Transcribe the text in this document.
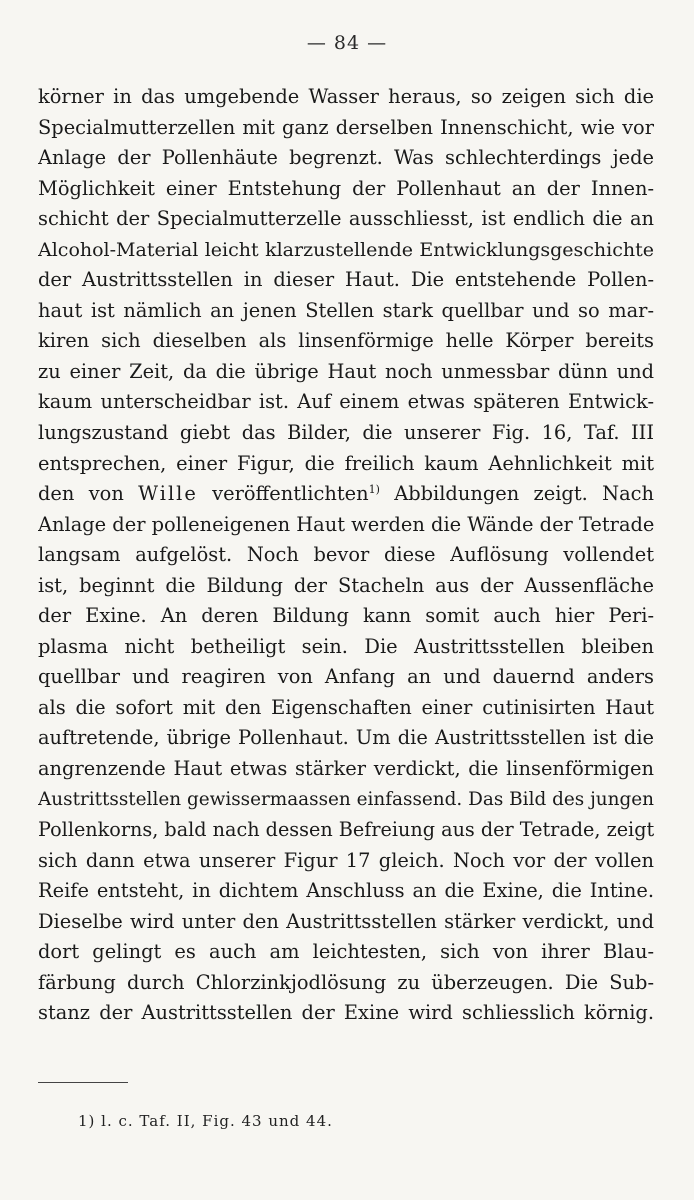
— 84 —
körner in das umgebende Wasser heraus, so zeigen sich die
Specialmutterzellen mit ganz derselben Innenschicht, wie vor
Anlage der Pollenhäute begrenzt. Was schlechterdings jede
Möglichkeit einer Entstehung der Pollenhaut an der Innen-
schicht der Specialmutterzelle ausschliesst, ist endlich die an
Alcohol-Material leicht klarzustellende Entwicklungsgeschichte
der Austrittsstellen in dieser Haut. Die entstehende Pollen-
haut ist nämlich an jenen Stellen stark quellbar und so mar-
kiren sich dieselben als linsenförmige helle Körper bereits
zu einer Zeit, da die übrige Haut noch unmessbar dünn und
kaum unterscheidbar ist. Auf einem etwas späteren Entwick-
lungszustand giebt das Bilder, die unserer Fig. 16, Taf. III
entsprechen, einer Figur, die freilich kaum Aehnlichkeit mit
den von Wille veröffentlichten$^{1)}$ Abbildungen zeigt. Nach
Anlage der polleneigenen Haut werden die Wände der Tetrade
langsam aufgelöst. Noch bevor diese Auflösung vollendet
ist, beginnt die Bildung der Stacheln aus der Aussenfläche
der Exine. An deren Bildung kann somit auch hier Peri-
plasma nicht betheiligt sein. Die Austrittsstellen bleiben
quellbar und reagiren von Anfang an und dauernd anders
als die sofort mit den Eigenschaften einer cutinisirten Haut
auftretende, übrige Pollenhaut. Um die Austrittsstellen ist die
angrenzende Haut etwas stärker verdickt, die linsenförmigen
Austrittsstellen gewissermaassen einfassend. Das Bild des jungen
Pollenkorns, bald nach dessen Befreiung aus der Tetrade, zeigt
sich dann etwa unserer Figur 17 gleich. Noch vor der vollen
Reife entsteht, in dichtem Anschluss an die Exine, die Intine.
Dieselbe wird unter den Austrittsstellen stärker verdickt, und
dort gelingt es auch am leichtesten, sich von ihrer Blau-
färbung durch Chlorzinkjodlösung zu überzeugen. Die Sub-
stanz der Austrittsstellen der Exine wird schliesslich körnig.
1) l. c. Taf. II, Fig. 43 und 44.
